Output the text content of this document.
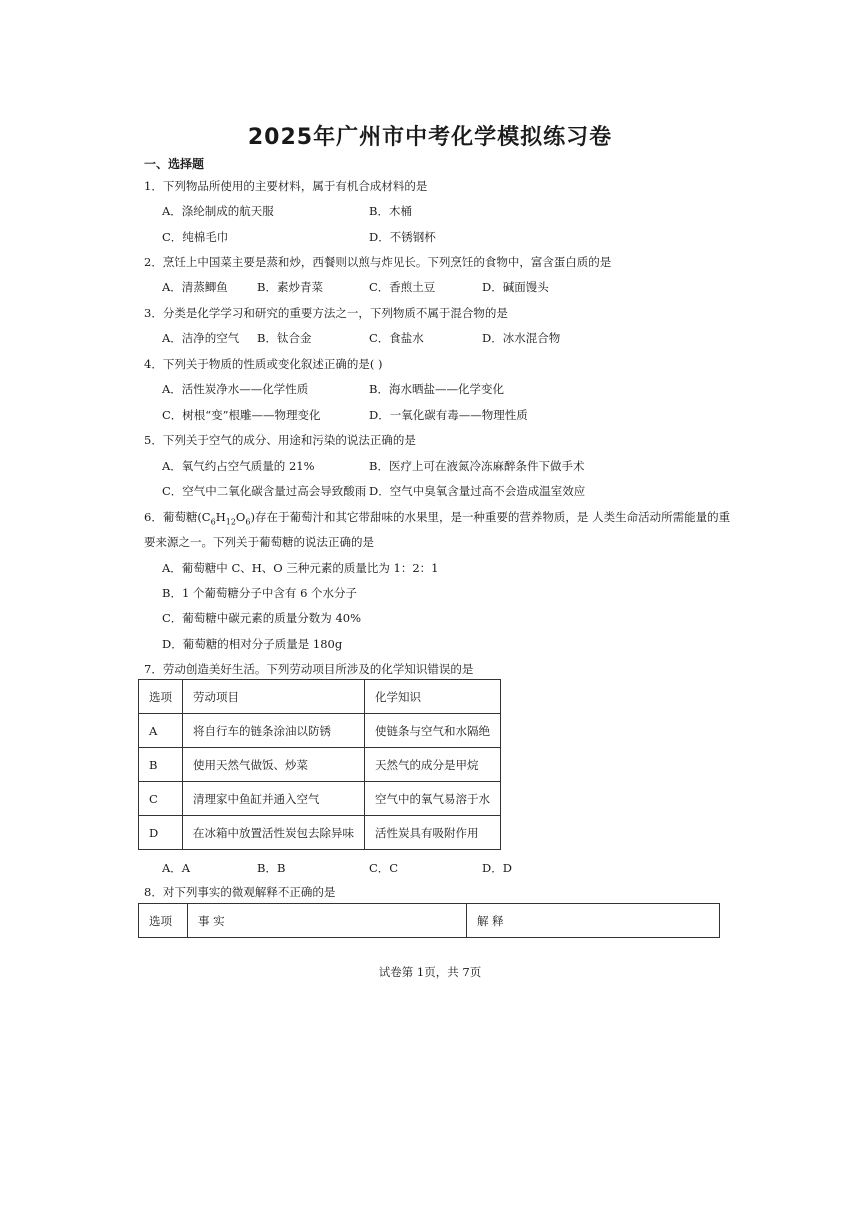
2025年广州市中考化学模拟练习卷
一、选择题
1．下列物品所使用的主要材料，属于有机合成材料的是
A．涤纶制成的航天服	B．木桶
C．纯棉毛巾	D．不锈钢杯
2．烹饪上中国菜主要是蒸和炒，西餐则以煎与炸见长。下列烹饪的食物中，富含蛋白质的是
A．清蒸鲫鱼	B．素炒青菜	C．香煎土豆	D．碱面馒头
3．分类是化学学习和研究的重要方法之一，下列物质不属于混合物的是
A．洁净的空气 B．钛合金	C．食盐水	D．冰水混合物
4．下列关于物质的性质或变化叙述正确的是( )
A．活性炭净水——化学性质	B．海水晒盐——化学变化
C．树根“变”根雕——物理变化	D．一氧化碳有毒——物理性质
5．下列关于空气的成分、用途和污染的说法正确的是
A．氧气约占空气质量的 21%	B．医疗上可在液氮冷冻麻醉条件下做手术
C．空气中二氧化碳含量过高会导致酸雨 D．空气中臭氧含量过高不会造成温室效应
6．葡萄糖$(C_6H_{12}O_6)$存在于葡萄汁和其它带甜味的水果里，是一种重要的营养物质，是 人类生命活动所需能量的重
要来源之一。下列关于葡萄糖的说法正确的是
A．葡萄糖中 C、H、O 三种元素的质量比为 1：2：1
B．1 个葡萄糖分子中含有 6 个水分子
C．葡萄糖中碳元素的质量分数为 40%
D．葡萄糖的相对分子质量是 180g
7．劳动创造美好生活。下列劳动项目所涉及的化学知识错误的是
选项	劳动项目	化学知识
A	将自行车的链条涂油以防锈	使链条与空气和水隔绝
B	使用天然气做饭、炒菜	天然气的成分是甲烷
C	清理家中鱼缸并通入空气	空气中的氧气易溶于水
D	在冰箱中放置活性炭包去除异味	活性炭具有吸附作用
A．A	B．B	C．C	D．D
8．对下列事实的微观解释不正确的是
选项	事 实	解 释
试卷第 1页，共 7页
